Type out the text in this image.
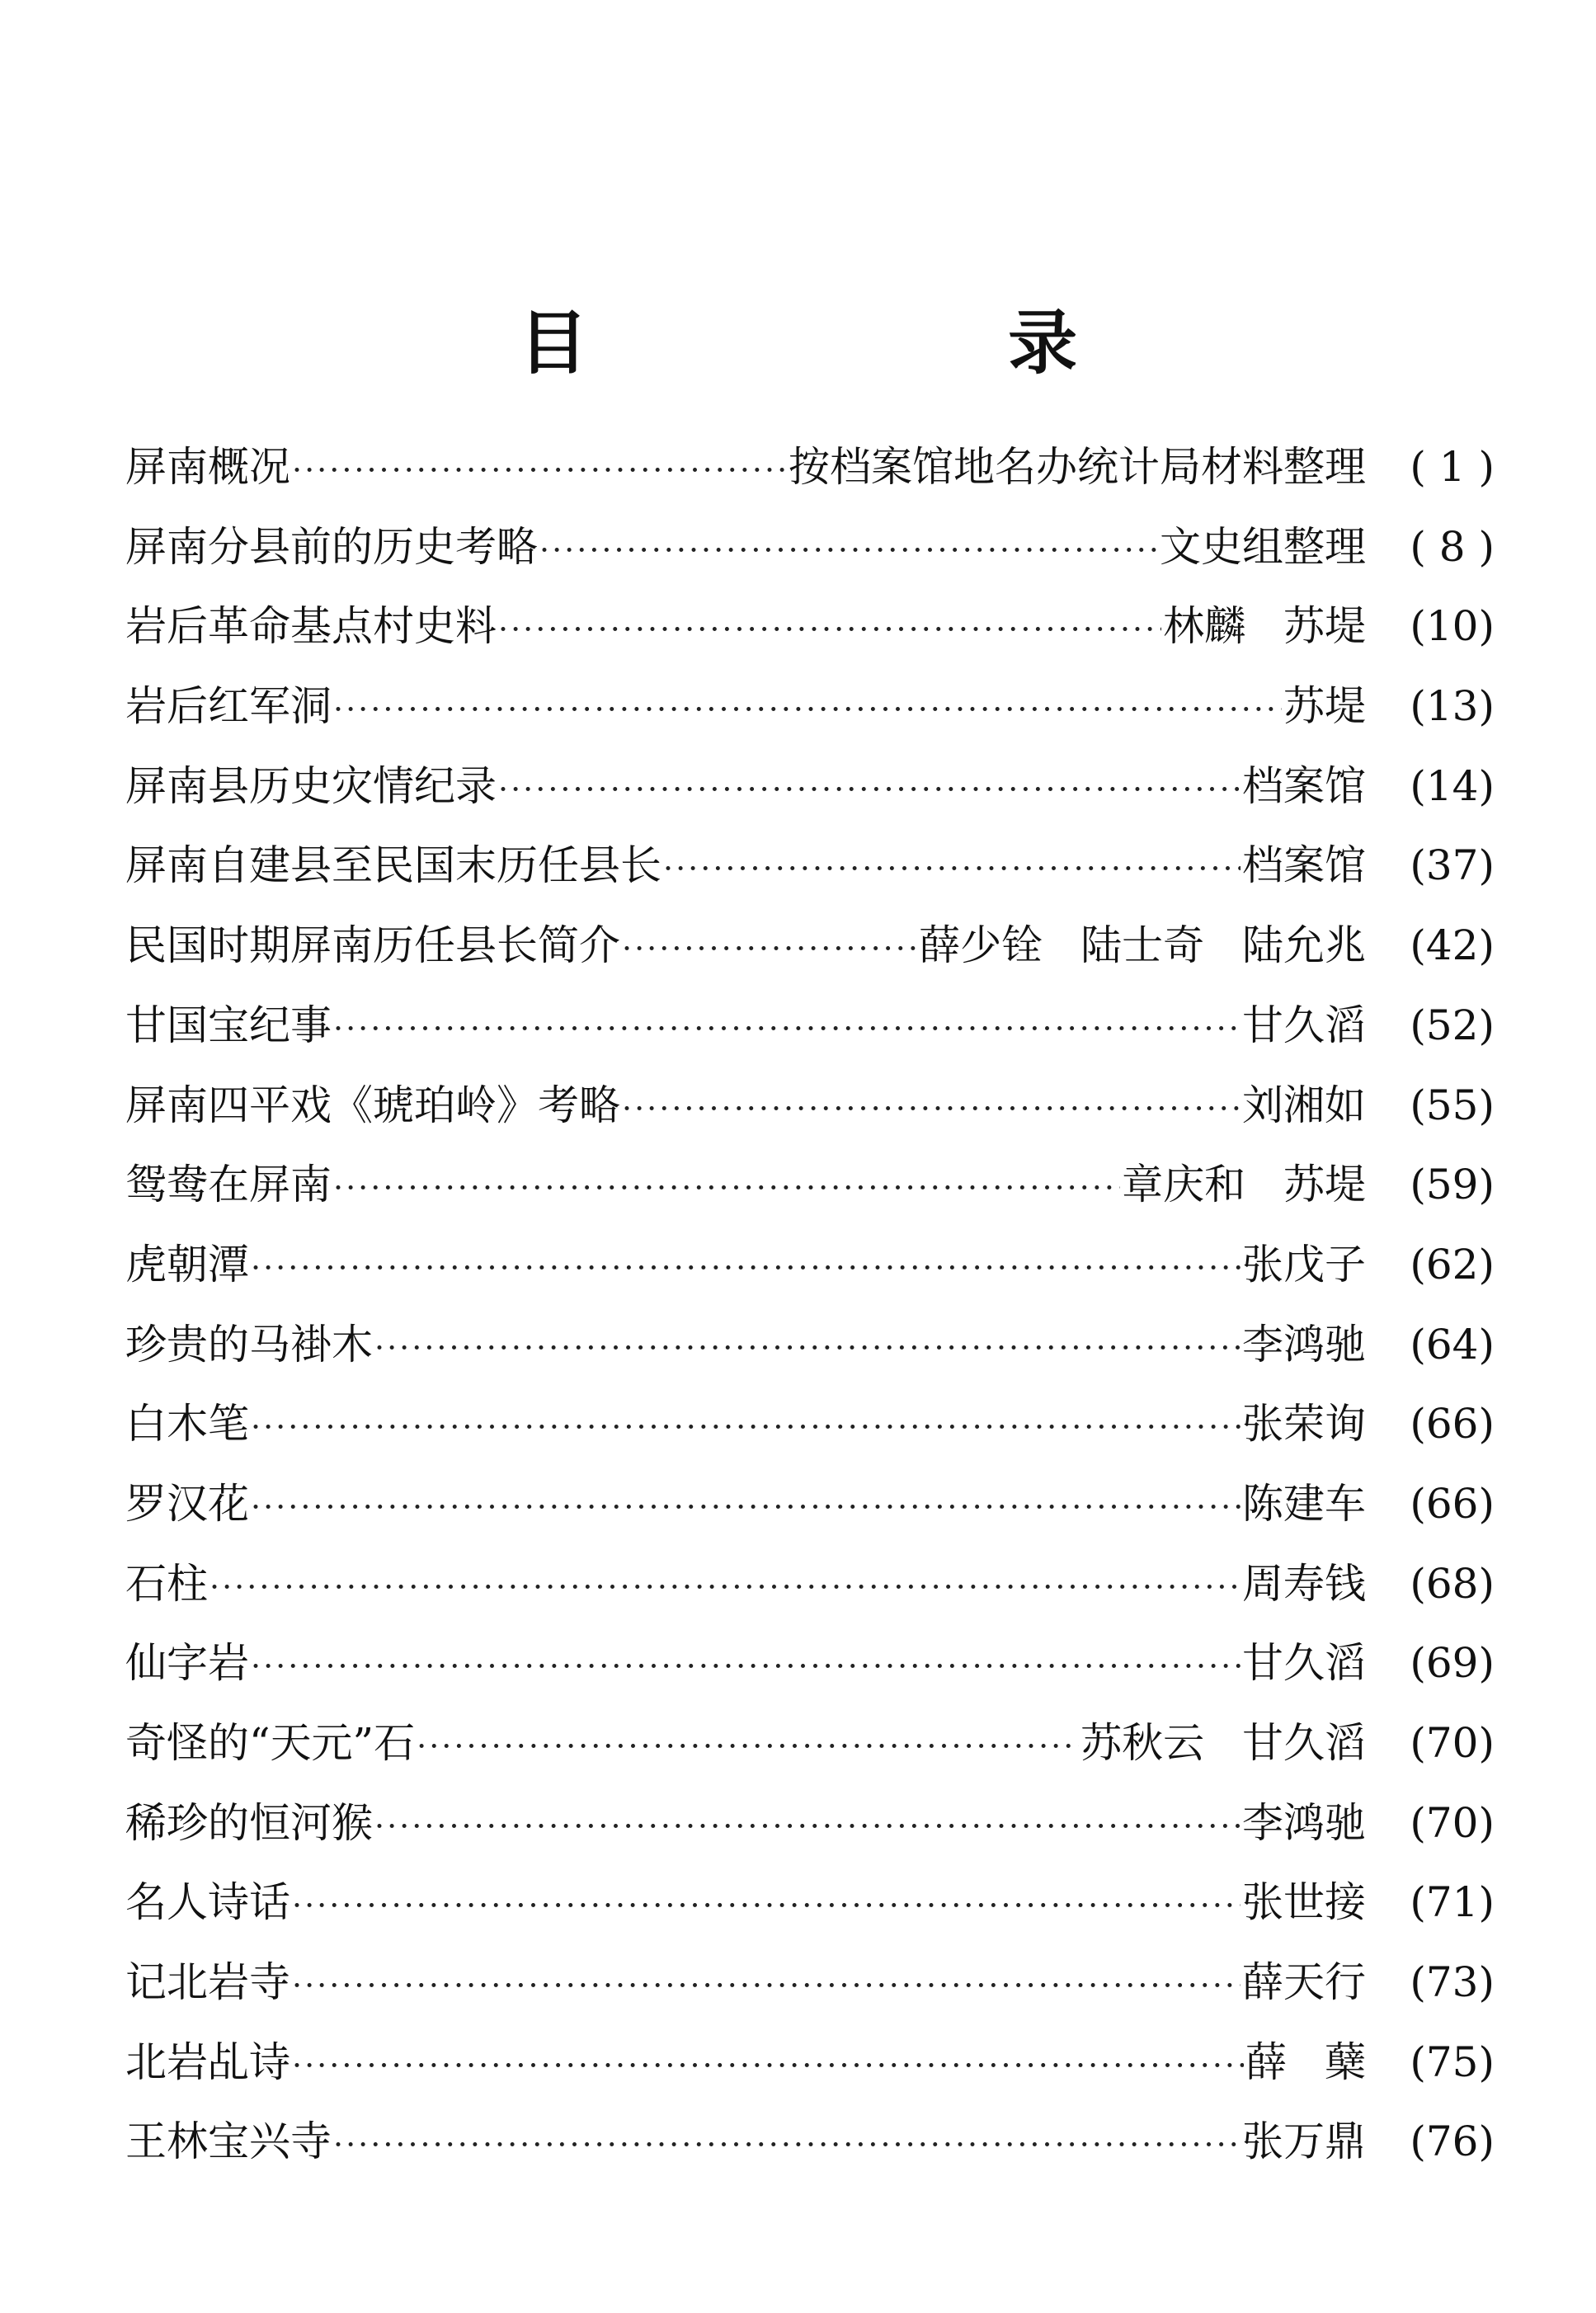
目 录
屏南概况 ·····	按档案馆地名办统计局材料整理	( 1 )
屏南分县前的历史考略 ·····	文史组整理	( 8 )
岩后革命基点村史料 ·····	林麟 苏堤	(10)
岩后红军洞 ·····	苏堤	(13)
屏南县历史灾情纪录 ·····	档案馆	(14)
屏南自建县至民国末历任县长 ·····	档案馆	(37)
民国时期屏南历任县长简介 ·····	薛少铨 陆士奇 陆允兆	(42)
甘国宝纪事 ·····	甘久滔	(52)
屏南四平戏《琥珀岭》考略 ·····	刘湘如	(55)
鸳鸯在屏南 ·····	章庆和 苏堤	(59)
虎朝潭 ·····	张戊子	(62)
珍贵的马褂木 ·····	李鸿驰	(64)
白木笔 ·····	张荣询	(66)
罗汉花 ·····	陈建车	(66)
石柱 ·····	周寿钱	(68)
仙字岩 ·····	甘久滔	(69)
奇怪的“天元”石 ·····	苏秋云 甘久滔	(70)
稀珍的恒河猴 ·····	李鸿驰	(70)
名人诗话 ·····	张世接	(71)
记北岩寺 ·····	薛天行	(73)
北岩乩诗 ·····	薛 蘖	(75)
王林宝兴寺 ·····	张万鼎	(76)
